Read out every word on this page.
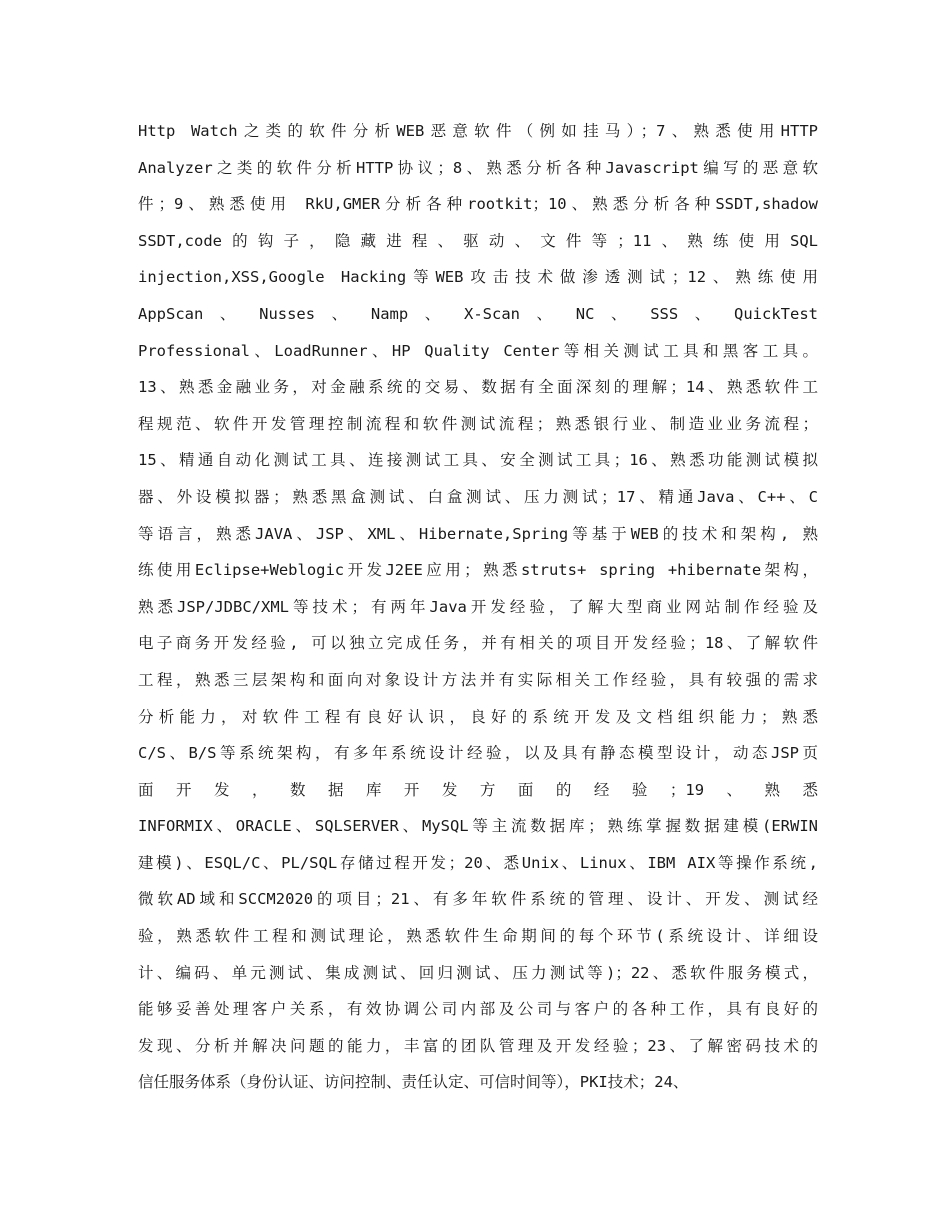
Http Watch之类的软件分析WEB恶意软件（例如挂马）；7、熟悉使用HTTP
Analyzer之类的软件分析HTTP协议；8、熟悉分析各种Javascript编写的恶意软
件；9、熟悉使用 RkU,GMER分析各种rootkit；10、熟悉分析各种SSDT,shadow
SSDT,code的钩子，隐藏进程、驱动、文件等；11、熟练使用SQL
injection,XSS,Google Hacking等WEB攻击技术做渗透测试；12、熟练使用
AppScan 、 Nusses 、 Namp 、 X-Scan 、 NC 、 SSS 、 QuickTest
Professional、LoadRunner、HP Quality Center等相关测试工具和黑客工具。
13、熟悉金融业务，对金融系统的交易、数据有全面深刻的理解；14、熟悉软件工
程规范、软件开发管理控制流程和软件测试流程；熟悉银行业、制造业业务流程；
15、精通自动化测试工具、连接测试工具、安全测试工具；16、熟悉功能测试模拟
器、外设模拟器；熟悉黑盒测试、白盒测试、压力测试；17、精通Java、C++、C
等语言，熟悉JAVA、JSP、XML、Hibernate,Spring等基于WEB的技术和架构, 熟
练使用Eclipse+Weblogic开发J2EE应用；熟悉struts+ spring +hibernate架构，
熟悉JSP/JDBC/XML等技术；有两年Java开发经验，了解大型商业网站制作经验及
电子商务开发经验, 可以独立完成任务，并有相关的项目开发经验；18、了解软件
工程，熟悉三层架构和面向对象设计方法并有实际相关工作经验，具有较强的需求
分析能力，对软件工程有良好认识，良好的系统开发及文档组织能力；熟悉
C/S、B/S等系统架构，有多年系统设计经验，以及具有静态模型设计，动态JSP页
面开发，数据库开发方面的经验；19、熟悉
INFORMIX、ORACLE、SQLSERVER、MySQL等主流数据库；熟练掌握数据建模(ERWIN
建模)、ESQL/C、PL/SQL存储过程开发；20、悉Unix、Linux、IBM AIX等操作系统,
微软AD域和SCCM2020的项目；21、有多年软件系统的管理、设计、开发、测试经
验，熟悉软件工程和测试理论，熟悉软件生命期间的每个环节(系统设计、详细设
计、编码、单元测试、集成测试、回归测试、压力测试等)；22、悉软件服务模式，
能够妥善处理客户关系，有效协调公司内部及公司与客户的各种工作，具有良好的
发现、分析并解决问题的能力，丰富的团队管理及开发经验；23、了解密码技术的
信任服务体系（身份认证、访问控制、责任认定、可信时间等），PKI技术；24、
